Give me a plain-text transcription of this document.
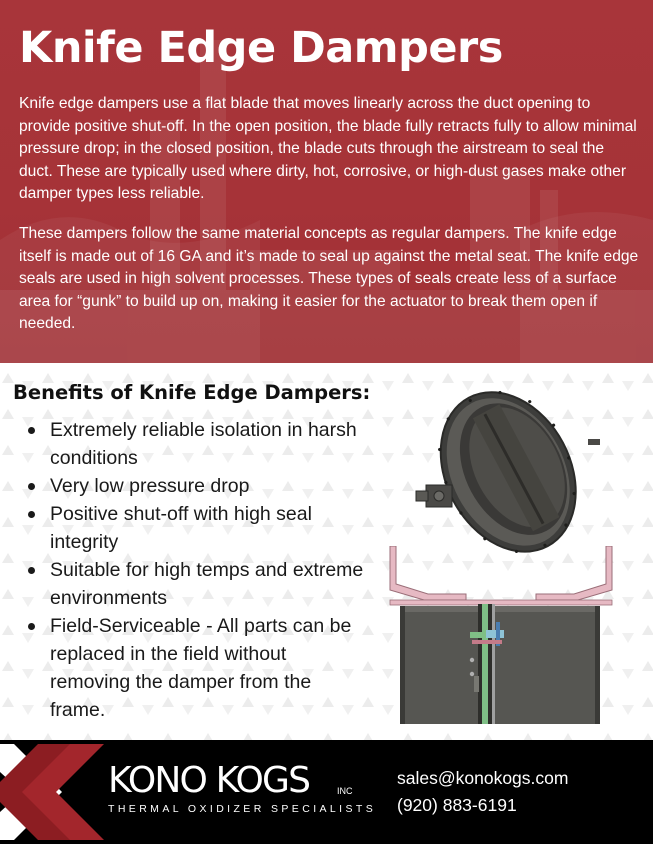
Knife Edge Dampers

Knife edge dampers use a flat blade that moves linearly across the duct opening to provide positive shut-off. In the open position, the blade fully retracts fully to allow minimal pressure drop; in the closed position, the blade cuts through the airstream to seal the duct. These are typically used where dirty, hot, corrosive, or high-dust gases make other damper types less reliable.

These dampers follow the same material concepts as regular dampers. The knife edge itself is made out of 16 GA and it’s made to seal up against the metal seat. The knife edge seals are used in high solvent processes. These types of seals create less of a surface area for “gunk” to build up on, making it easier for the actuator to break them open if needed.

Benefits of Knife Edge Dampers:
Extremely reliable isolation in harsh conditions
Very low pressure drop
Positive shut-off with high seal integrity
Suitable for high temps and extreme environments
Field-Serviceable - All parts can be replaced in the field without removing the damper from the frame.
KONO KOGS	INC
THERMAL OXIDIZER SPECIALISTS
sales@konokogs.com
(920) 883-6191
